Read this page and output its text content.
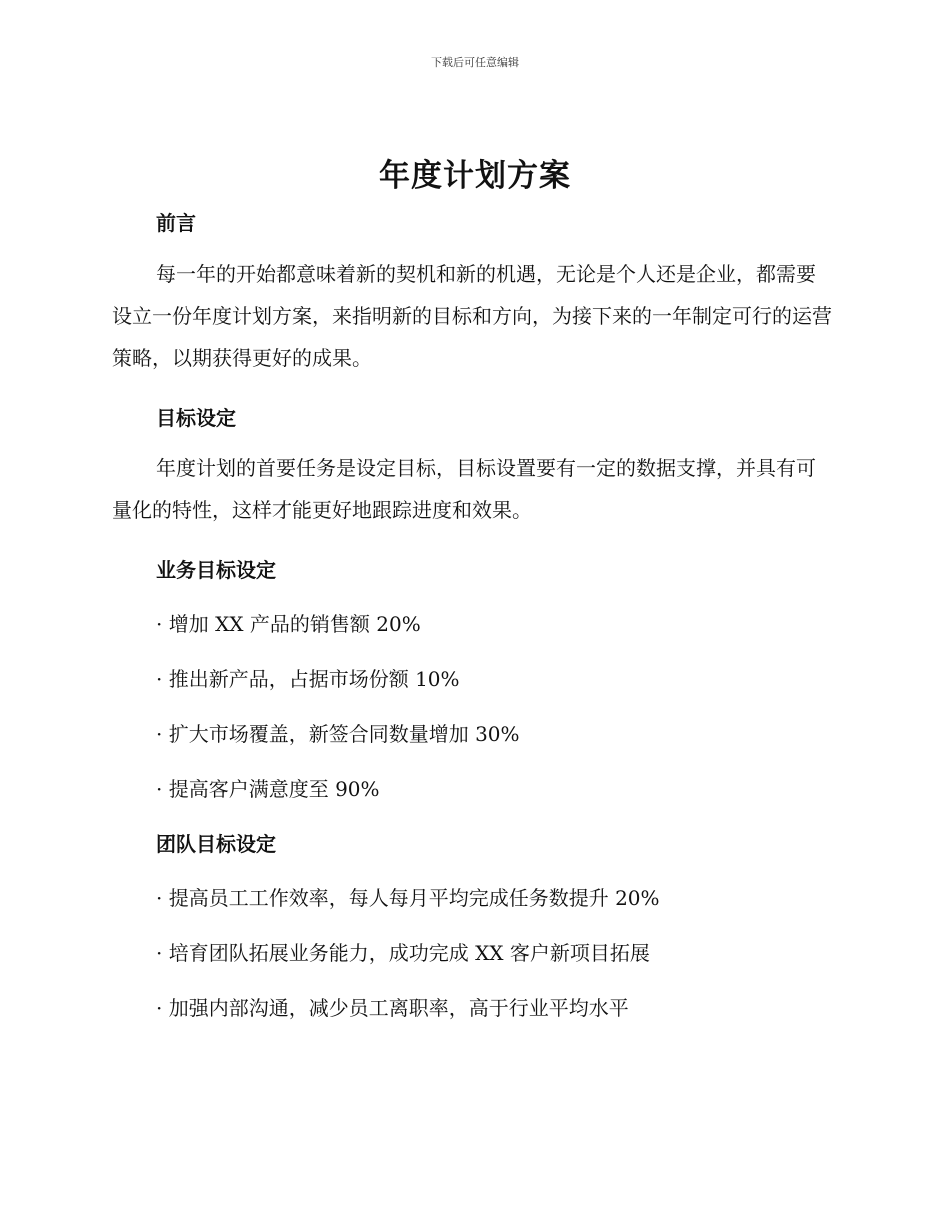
下载后可任意编辑
年度计划方案
前言

每一年的开始都意味着新的契机和新的机遇，无论是个人还是企业，都需要设立一份年度计划方案，来指明新的目标和方向，为接下来的一年制定可行的运营策略，以期获得更好的成果。

目标设定

年度计划的首要任务是设定目标，目标设置要有一定的数据支撑，并具有可量化的特性，这样才能更好地跟踪进度和效果。

业务目标设定
· 增加 XX 产品的销售额 20%
· 推出新产品，占据市场份额 10%
· 扩大市场覆盖，新签合同数量增加 30%
· 提高客户满意度至 90%
团队目标设定
· 提高员工工作效率，每人每月平均完成任务数提升 20%
· 培育团队拓展业务能力，成功完成 XX 客户新项目拓展
· 加强内部沟通，减少员工离职率，高于行业平均水平
